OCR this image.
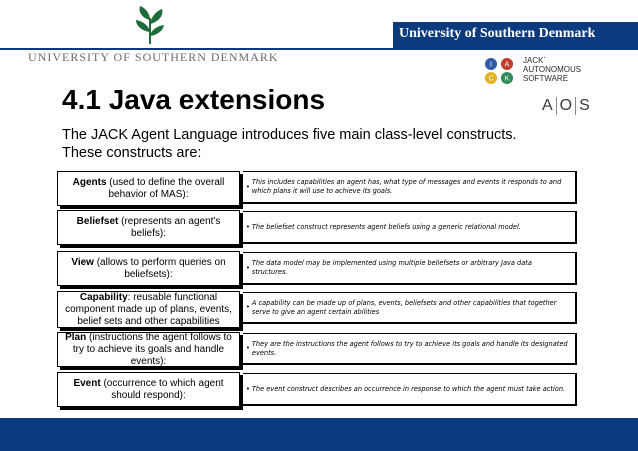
University of Southern Denmark
UNIVERSITY OF SOUTHERN DENMARK
I A
C K
JACK´
AUTONOMOUS
SOFTWARE
A O S
4.1 Java extensions
The JACK Agent Language introduces five main class-level constructs.
These constructs are:
•
This includes capabilities an agent has, what type of messages and events it responds to and which plans it will use to achieve its goals.
Agents (used to define the overall behavior of MAS):
• The beliefset construct represents agent beliefs using a generic relational model.
Beliefset (represents an agent's beliefs):
•
The data model may be implemented using multiple beliefsets or arbitrary Java data structures.
View (allows to perform queries on beliefsets):
•
A capability can be made up of plans, events, beliefsets and other capabilities that together serve to give an agent certain abilities
Capability: reusable functional component made up of plans, events, belief sets and other capabilities
•
They are the instructions the agent follows to try to achieve its goals and handle its designated events.
Plan (instructions the agent follows to try to achieve its goals and handle events):
• The event construct describes an occurrence in response to which the agent must take action.
Event (occurrence to which agent should respond):
